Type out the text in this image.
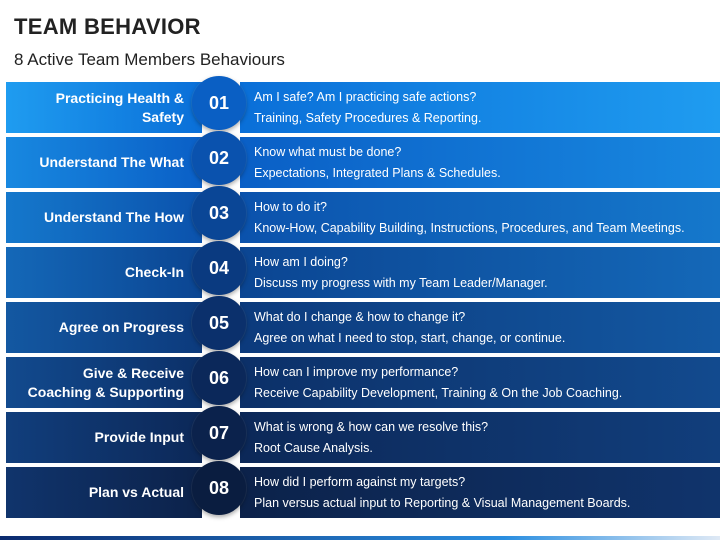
TEAM BEHAVIOR
8 Active Team Members Behaviours
Practicing Health &
Safety
01	Am I safe? Am I practicing safe actions?
Training, Safety Procedures & Reporting.
Understand The What	02	Know what must be done?
Expectations, Integrated Plans & Schedules.
Understand The How	03	How to do it?
Know-How, Capability Building, Instructions, Procedures, and Team Meetings.
Check-In	04	How am I doing?
Discuss my progress with my Team Leader/Manager.
Agree on Progress	05	What do I change & how to change it?
Agree on what I need to stop, start, change, or continue.
Give & Receive
Coaching & Supporting
06	How can I improve my performance?
Receive Capability Development, Training & On the Job Coaching.
Provide Input	07	What is wrong & how can we resolve this?
Root Cause Analysis.
Plan vs Actual	08	How did I perform against my targets?
Plan versus actual input to Reporting & Visual Management Boards.
